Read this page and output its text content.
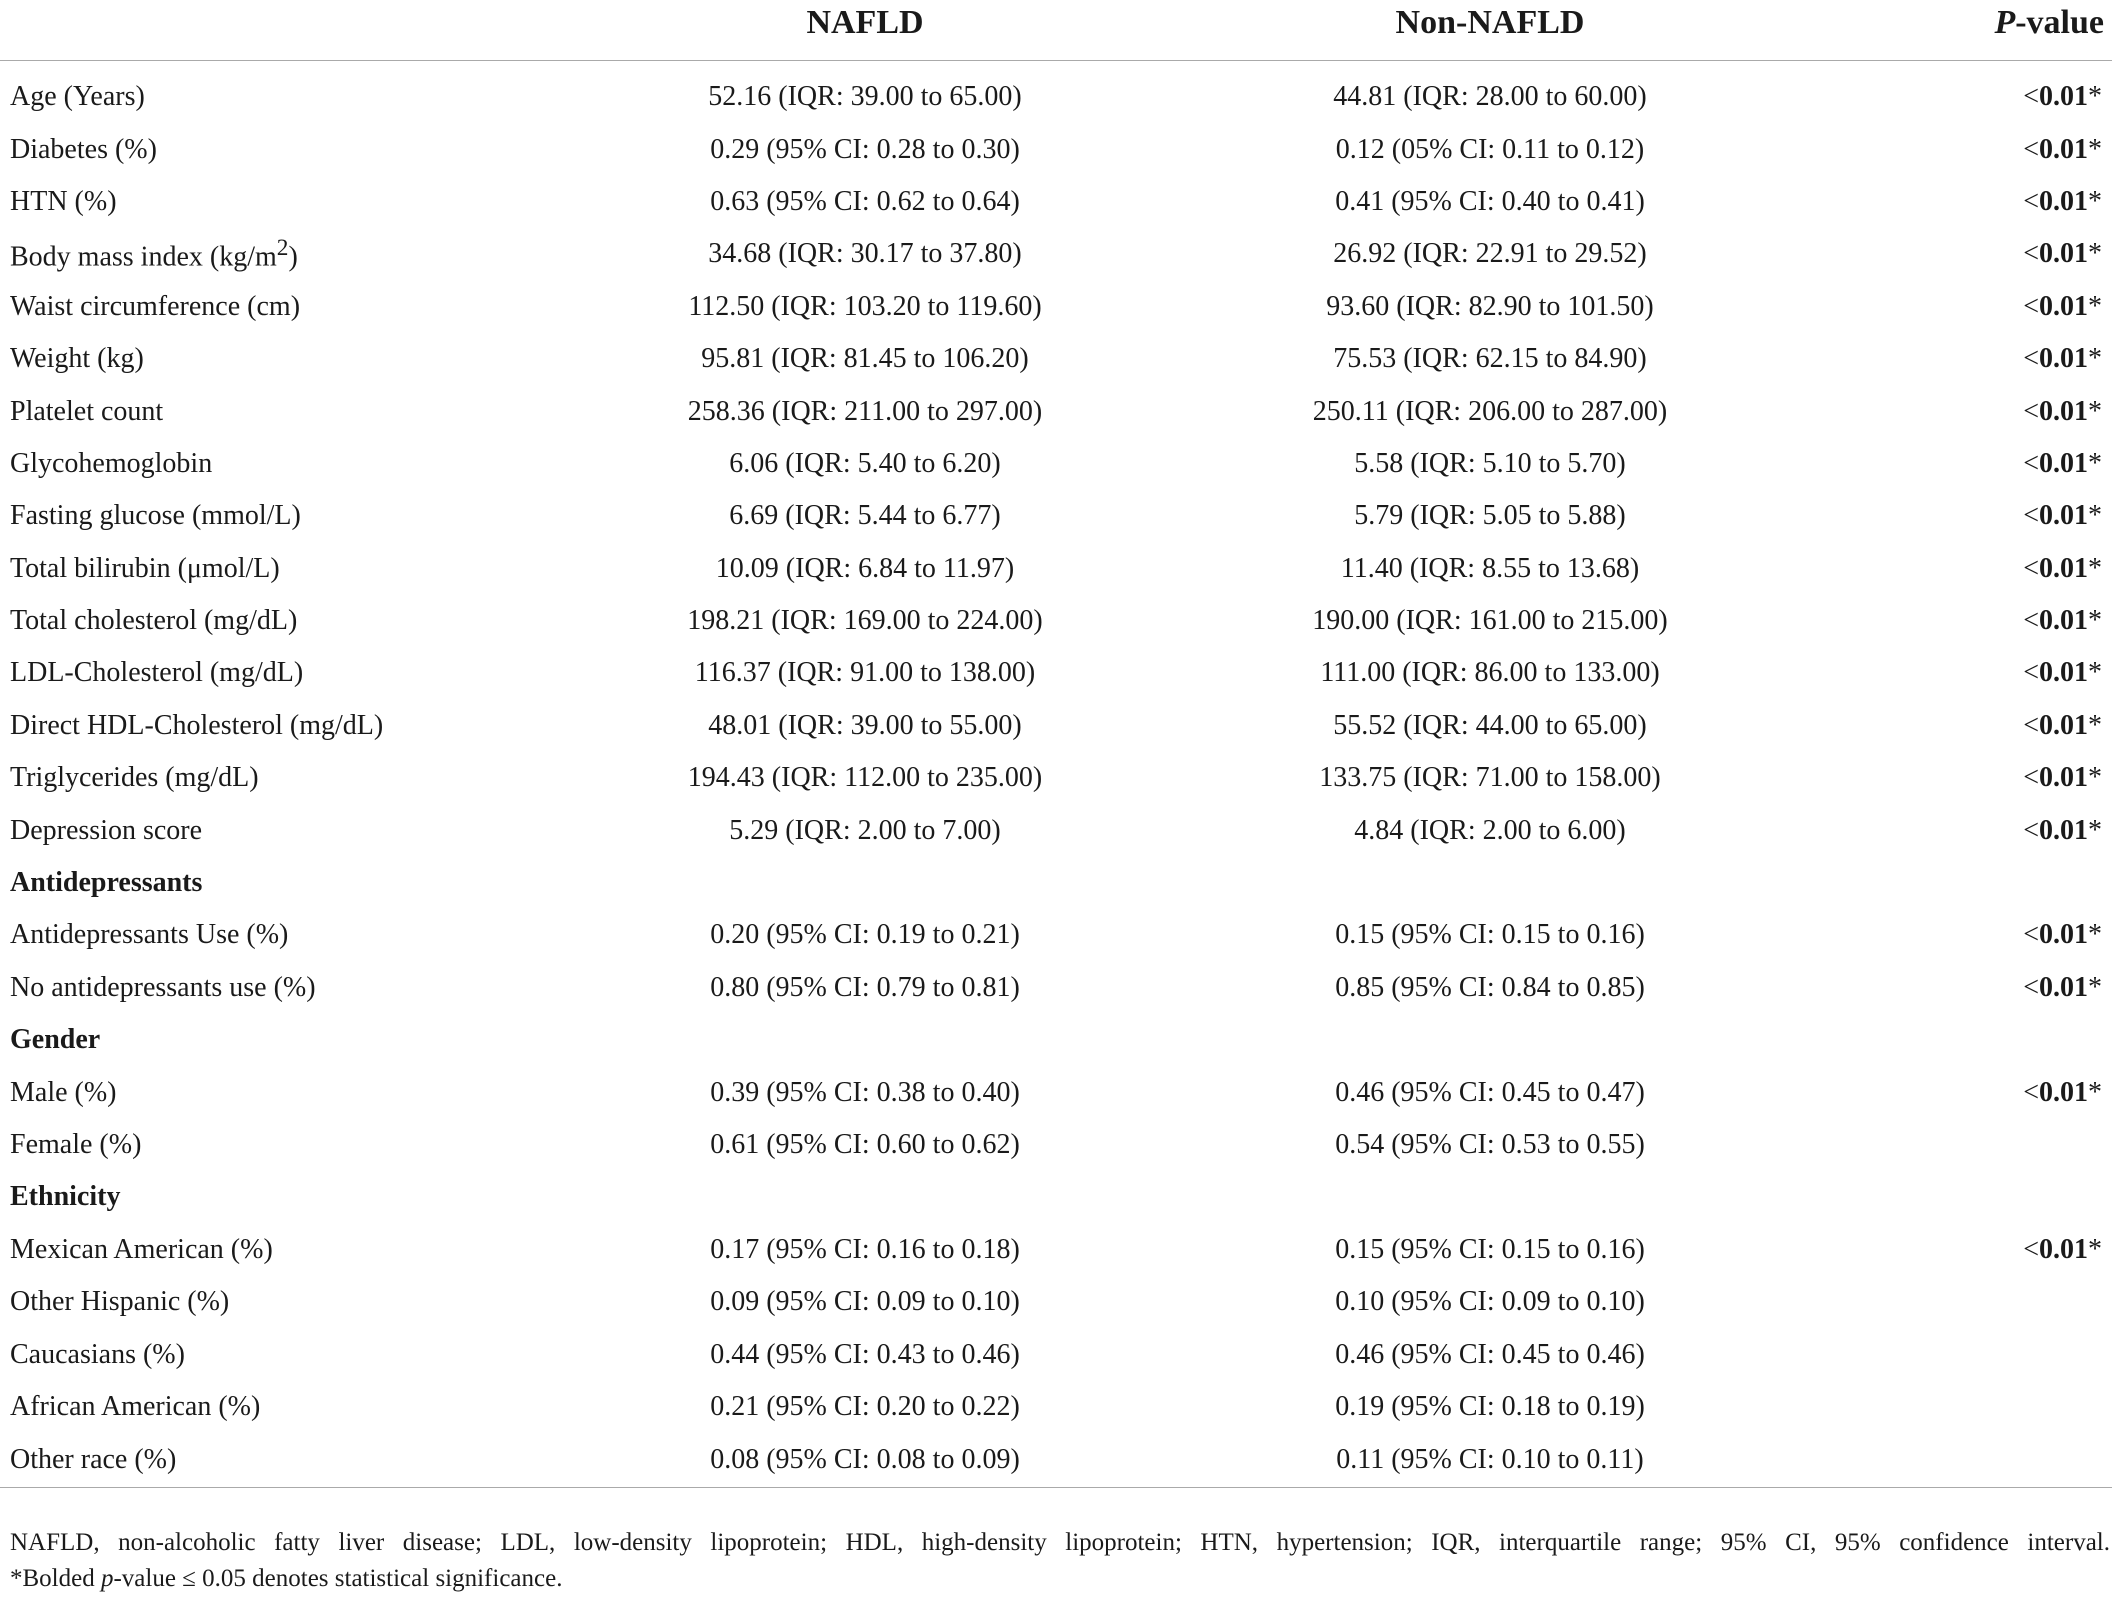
	NAFLD	Non-NAFLD	P-value

Age (Years)	52.16 (IQR: 39.00 to 65.00)	44.81 (IQR: 28.00 to 60.00)	<0.01*
Diabetes (%)	0.29 (95% CI: 0.28 to 0.30)	0.12 (05% CI: 0.11 to 0.12)	<0.01*
HTN (%)	0.63 (95% CI: 0.62 to 0.64)	0.41 (95% CI: 0.40 to 0.41)	<0.01*
Body mass index $(kg/m^2)$	34.68 (IQR: 30.17 to 37.80)	26.92 (IQR: 22.91 to 29.52)	<0.01*
Waist circumference (cm)	112.50 (IQR: 103.20 to 119.60)	93.60 (IQR: 82.90 to 101.50)	<0.01*
Weight (kg)	95.81 (IQR: 81.45 to 106.20)	75.53 (IQR: 62.15 to 84.90)	<0.01*
Platelet count	258.36 (IQR: 211.00 to 297.00)	250.11 (IQR: 206.00 to 287.00)	<0.01*
Glycohemoglobin	6.06 (IQR: 5.40 to 6.20)	5.58 (IQR: 5.10 to 5.70)	<0.01*
Fasting glucose (mmol/L)	6.69 (IQR: 5.44 to 6.77)	5.79 (IQR: 5.05 to 5.88)	<0.01*
Total bilirubin (μmol/L)	10.09 (IQR: 6.84 to 11.97)	11.40 (IQR: 8.55 to 13.68)	<0.01*
Total cholesterol (mg/dL)	198.21 (IQR: 169.00 to 224.00)	190.00 (IQR: 161.00 to 215.00)	<0.01*
LDL-Cholesterol (mg/dL)	116.37 (IQR: 91.00 to 138.00)	111.00 (IQR: 86.00 to 133.00)	<0.01*
Direct HDL-Cholesterol (mg/dL)	48.01 (IQR: 39.00 to 55.00)	55.52 (IQR: 44.00 to 65.00)	<0.01*
Triglycerides (mg/dL)	194.43 (IQR: 112.00 to 235.00)	133.75 (IQR: 71.00 to 158.00)	<0.01*
Depression score	5.29 (IQR: 2.00 to 7.00)	4.84 (IQR: 2.00 to 6.00)	<0.01*
Antidepressants			
Antidepressants Use (%)	0.20 (95% CI: 0.19 to 0.21)	0.15 (95% CI: 0.15 to 0.16)	<0.01*
No antidepressants use (%)	0.80 (95% CI: 0.79 to 0.81)	0.85 (95% CI: 0.84 to 0.85)	<0.01*
Gender			
Male (%)	0.39 (95% CI: 0.38 to 0.40)	0.46 (95% CI: 0.45 to 0.47)	<0.01*
Female (%)	0.61 (95% CI: 0.60 to 0.62)	0.54 (95% CI: 0.53 to 0.55)	
Ethnicity			
Mexican American (%)	0.17 (95% CI: 0.16 to 0.18)	0.15 (95% CI: 0.15 to 0.16)	<0.01*
Other Hispanic (%)	0.09 (95% CI: 0.09 to 0.10)	0.10 (95% CI: 0.09 to 0.10)	
Caucasians (%)	0.44 (95% CI: 0.43 to 0.46)	0.46 (95% CI: 0.45 to 0.46)	
African American (%)	0.21 (95% CI: 0.20 to 0.22)	0.19 (95% CI: 0.18 to 0.19)	
Other race (%)	0.08 (95% CI: 0.08 to 0.09)	0.11 (95% CI: 0.10 to 0.11)	
NAFLD, non-alcoholic fatty liver disease; LDL, low-density lipoprotein; HDL, high-density lipoprotein; HTN, hypertension; IQR, interquartile range; 95% CI, 95% confidence interval.
*Bolded p-value ≤ 0.05 denotes statistical significance.
